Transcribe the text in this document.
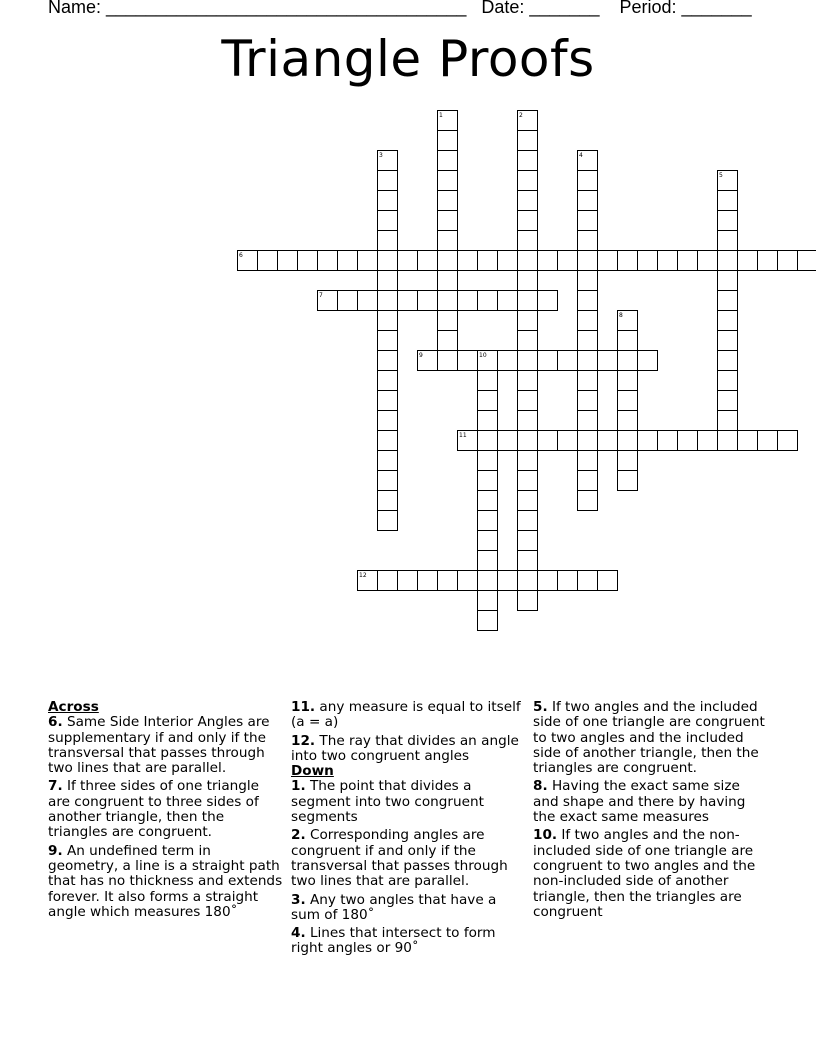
Name: ____________________________________   Date: _______    Period: _______
Triangle Proofs
1	2
3	4
5
6
7
8
9	10
11
12
Across
6. Same Side Interior Angles are supplementary if and only if the transversal that passes through two lines that are parallel.
7. If three sides of one triangle are congruent to three sides of another triangle, then the triangles are congruent.
9. An undefined term in geometry, a line is a straight path that has no thickness and extends forever. It also forms a straight angle which measures 180˚
11. any measure is equal to itself (a = a)
12. The ray that divides an angle into two congruent angles
Down
1. The point that divides a segment into two congruent segments
2. Corresponding angles are congruent if and only if the transversal that passes through two lines that are parallel.
3. Any two angles that have a sum of 180˚
4. Lines that intersect to form right angles or 90˚
5. If two angles and the included side of one triangle are congruent to two angles and the included side of another triangle, then the triangles are congruent.
8. Having the exact same size and shape and there by having the exact same measures
10. If two angles and the non-included side of one triangle are congruent to two angles and the non-included side of another triangle, then the triangles are congruent
